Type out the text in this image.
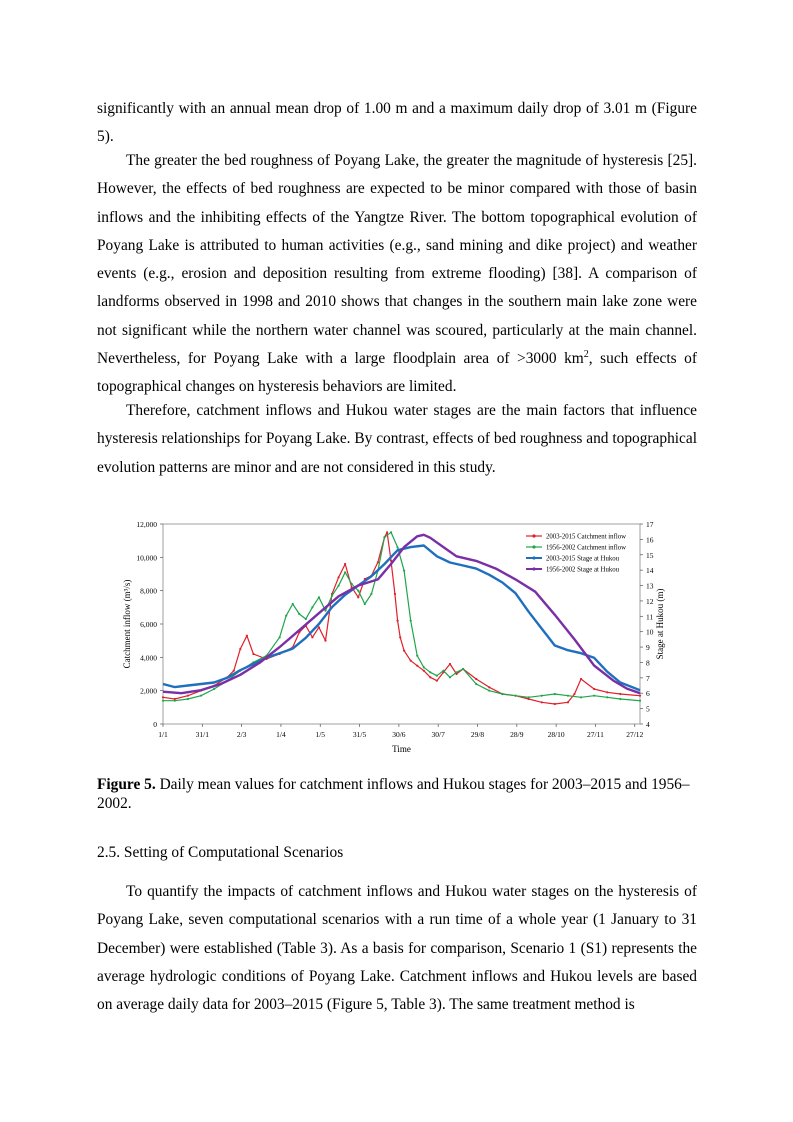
significantly with an annual mean drop of 1.00 m and a maximum daily drop of 3.01 m (Figure 5).

The greater the bed roughness of Poyang Lake, the greater the magnitude of hysteresis [25]. However, the effects of bed roughness are expected to be minor compared with those of basin inflows and the inhibiting effects of the Yangtze River. The bottom topographical evolution of Poyang Lake is attributed to human activities (e.g., sand mining and dike project) and weather events (e.g., erosion and deposition resulting from extreme flooding) [38]. A comparison of landforms observed in 1998 and 2010 shows that changes in the southern main lake zone were not significant while the northern water channel was scoured, particularly at the main channel. Nevertheless, for Poyang Lake with a large floodplain area of >3000 $km^2$, such effects of topographical changes on hysteresis behaviors are limited.

Therefore, catchment inflows and Hukou water stages are the main factors that influence hysteresis relationships for Poyang Lake. By contrast, effects of bed roughness and topographical evolution patterns are minor and are not considered in this study.

0
2,000
4,000
6,000
8,000
10,000
12,000
4
5
6
7
8
9
10
11
12
13
14
15
16
17
1/1	31/1	2/3	1/4	1/5	31/5	30/6	30/7	29/8	28/9	28/10	27/11	27/12
Time
Catchment inflow (m³/s)	Stage at Hukou (m)
2003-2015 Catchment inflow
1956-2002 Catchment inflow
2003-2015 Stage at Hukou
1956-2002 Stage at Hukou

Figure 5. Daily mean values for catchment inflows and Hukou stages for 2003–2015 and 1956–2002.

2.5. Setting of Computational Scenarios

To quantify the impacts of catchment inflows and Hukou water stages on the hysteresis of Poyang Lake, seven computational scenarios with a run time of a whole year (1 January to 31 December) were established (Table 3). As a basis for comparison, Scenario 1 (S1) represents the average hydrologic conditions of Poyang Lake. Catchment inflows and Hukou levels are based on average daily data for 2003–2015 (Figure 5, Table 3). The same treatment method is
